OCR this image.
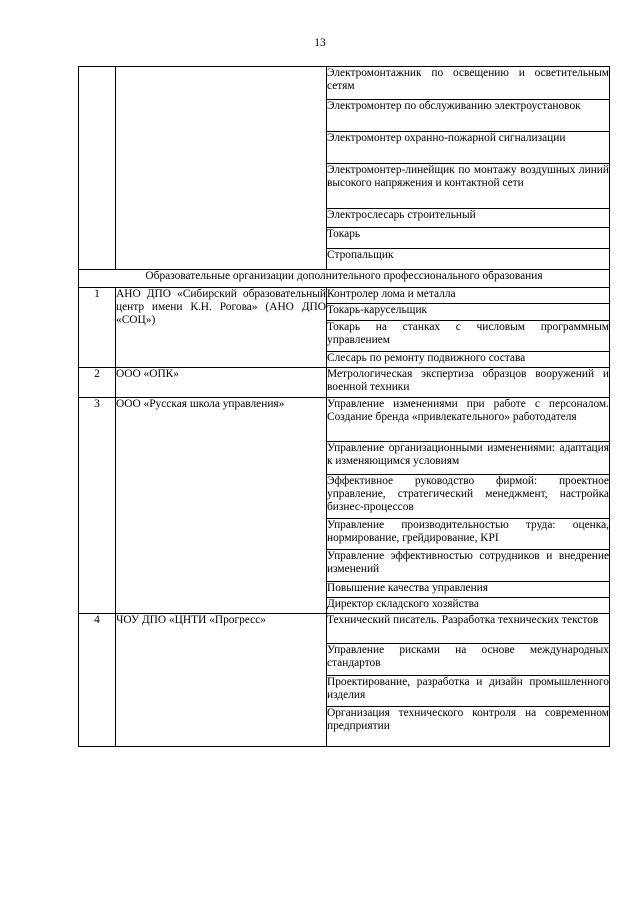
13
		Электромонтажник по освещению и осветительным сетям
		Электромонтер по обслуживанию электроустановок
		Электромонтер охранно-пожарной сигнализации
		Электромонтер-линейщик по монтажу воздушных линий высокого напряжения и контактной сети
		Электрослесарь строительный
		Токарь
		Стропальщик
Образовательные организации дополнительного профессионального образования		
1	АНО ДПО «Сибирский образовательный центр имени К.Н. Рогова» (АНО ДПО «СОЦ»)	Контролер лома и металла
		Токарь-карусельщик
		Токарь на станках с числовым программным управлением
		Слесарь по ремонту подвижного состава
2	ООО «ОПК»	Метрологическая экспертиза образцов вооружений и военной техники
3	ООО «Русская школа управления»	Управление изменениями при работе с персоналом. Создание бренда «привлекательного» работодателя
		Управление организационными изменениями: адаптация к изменяющимся условиям
		Эффективное руководство фирмой: проектное управление, стратегический менеджмент, настройка бизнес-процессов
		Управление производительностью труда: оценка, нормирование, грейдирование, KPI
		Управление эффективностью сотрудников и внедрение изменений
		Повышение качества управления
		Директор складского хозяйства
4	ЧОУ ДПО «ЦНТИ «Прогресс»	Технический писатель. Разработка технических текстов
		Управление рисками на основе международных стандартов
		Проектирование, разработка и дизайн промышленного изделия
		Организация технического контроля на современном предприятии
